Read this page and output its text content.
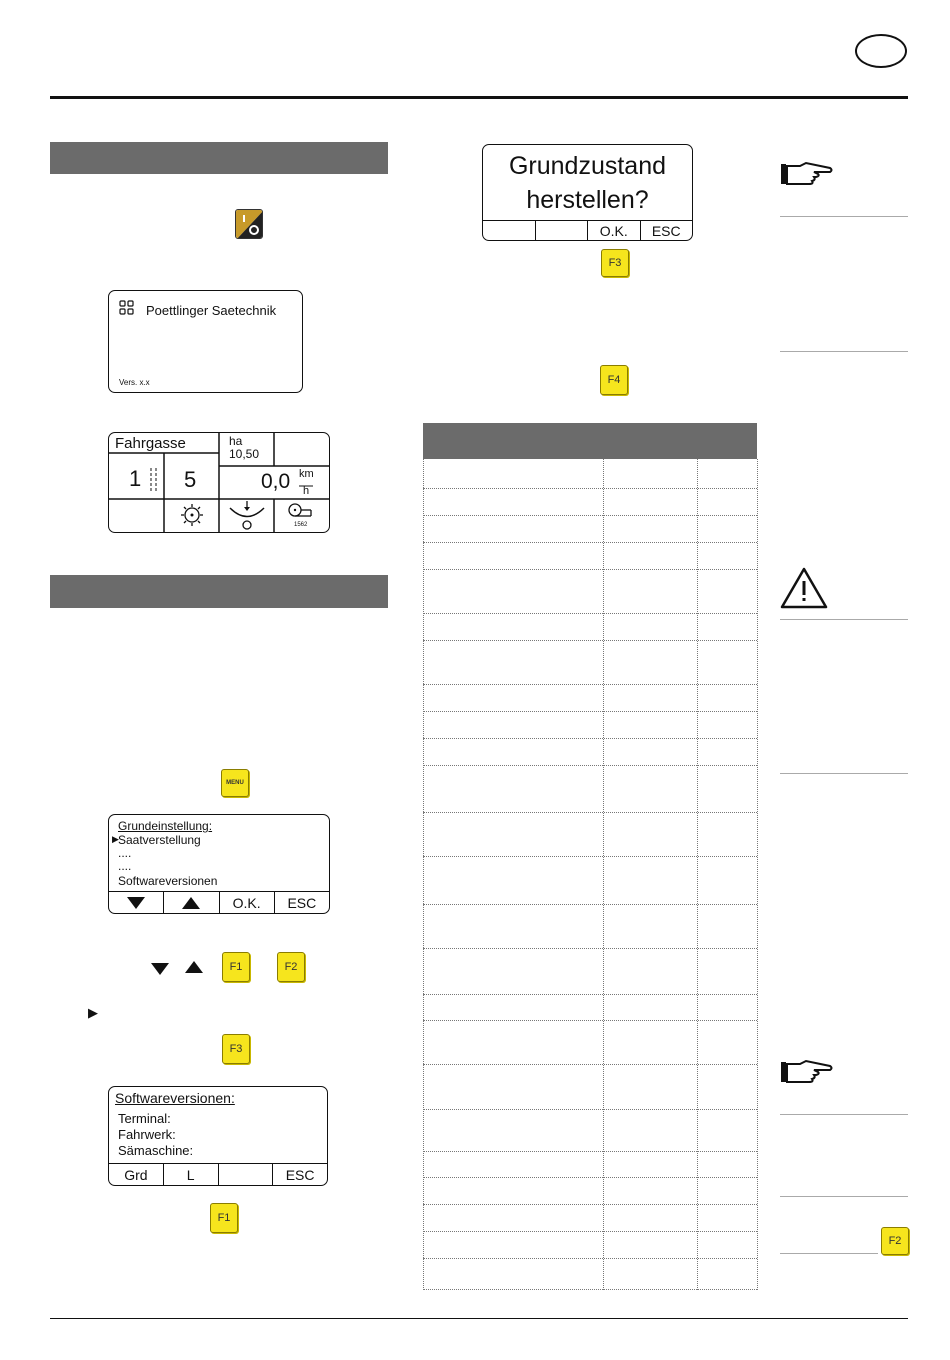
Poettlinger Saetechnik
Vers. x.x
Fahrgasse	ha
10,50
1 5	0,0 km
h
1562
MENU
Grundeinstellung:
▶ Saatverstellung
....
....
Softwareversionen
O.K.	ESC
F1	F2
▶
F3
Softwareversionen:
Terminal:
Fahrwerk:
Sämaschine:
Grd	L	ESC
F1
Grundzustand
herstellen?
O.K.	ESC
F3
F4
F2
